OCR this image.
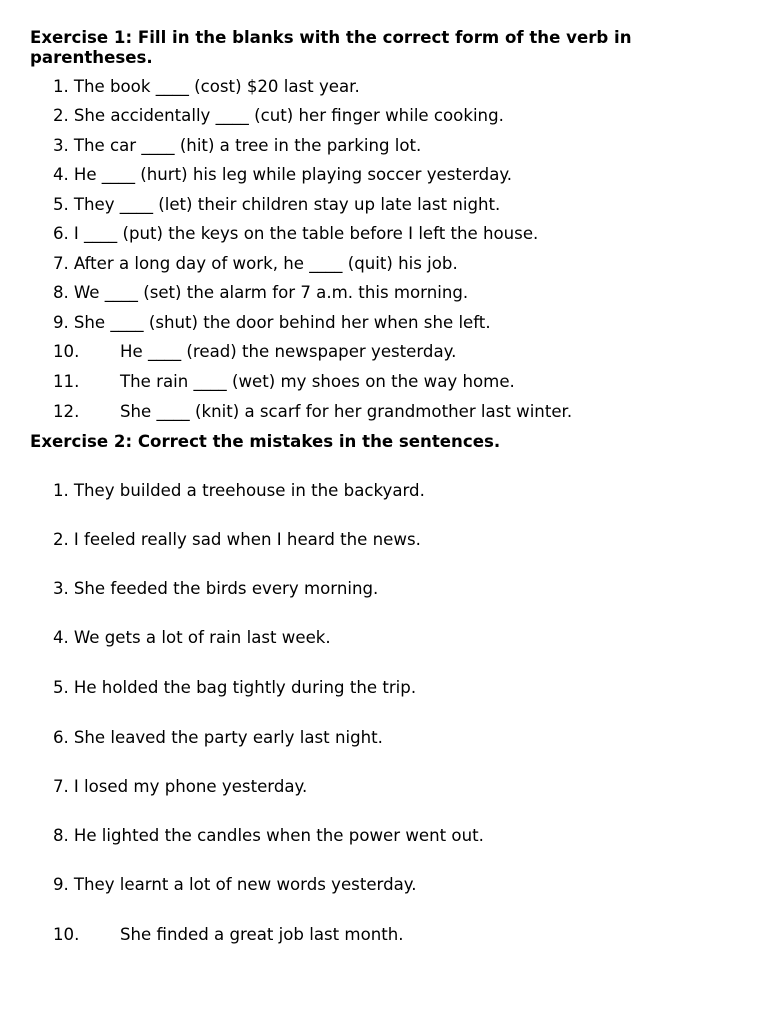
Exercise 1: Fill in the blanks with the correct form of the verb in parentheses.
1. The book ____ (cost) $20 last year.
2. She accidentally ____ (cut) her finger while cooking.
3. The car ____ (hit) a tree in the parking lot.
4. He ____ (hurt) his leg while playing soccer yesterday.
5. They ____ (let) their children stay up late last night.
6. I ____ (put) the keys on the table before I left the house.
7. After a long day of work, he ____ (quit) his job.
8. We ____ (set) the alarm for 7 a.m. this morning.
9. She ____ (shut) the door behind her when she left.
10. He ____ (read) the newspaper yesterday.
11. The rain ____ (wet) my shoes on the way home.
12. She ____ (knit) a scarf for her grandmother last winter.
Exercise 2: Correct the mistakes in the sentences.
1. They builded a treehouse in the backyard.
2. I feeled really sad when I heard the news.
3. She feeded the birds every morning.
4. We gets a lot of rain last week.
5. He holded the bag tightly during the trip.
6. She leaved the party early last night.
7. I losed my phone yesterday.
8. He lighted the candles when the power went out.
9. They learnt a lot of new words yesterday.
10. She finded a great job last month.
